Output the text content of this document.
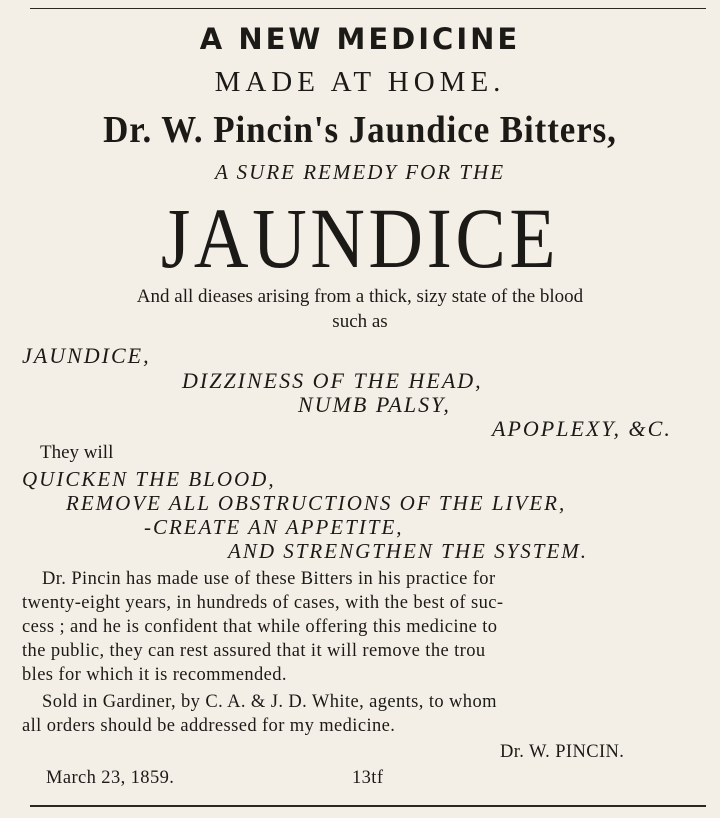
A NEW MEDICINE
MADE AT HOME.
Dr. W. Pincin's Jaundice Bitters,
A SURE REMEDY FOR THE
JAUNDICE
And all dieases arising from a thick, sizy state of the blood
such as
JAUNDICE,
DIZZINESS OF THE HEAD,
NUMB PALSY,
APOPLEXY, &C.
They will
QUICKEN THE BLOOD,
REMOVE ALL OBSTRUCTIONS OF THE LIVER,
-CREATE AN APPETITE,
AND STRENGTHEN THE SYSTEM.
Dr. Pincin has made use of these Bitters in his practice for
twenty-eight years, in hundreds of cases, with the best of suc-
cess ; and he is confident that while offering this medicine to
the public, they can rest assured that it will remove the trou
bles for which it is recommended.
Sold in Gardiner, by C. A. & J. D. White, agents, to whom
all orders should be addressed for my medicine.
Dr. W. PINCIN.
March 23, 1859.	13tf
